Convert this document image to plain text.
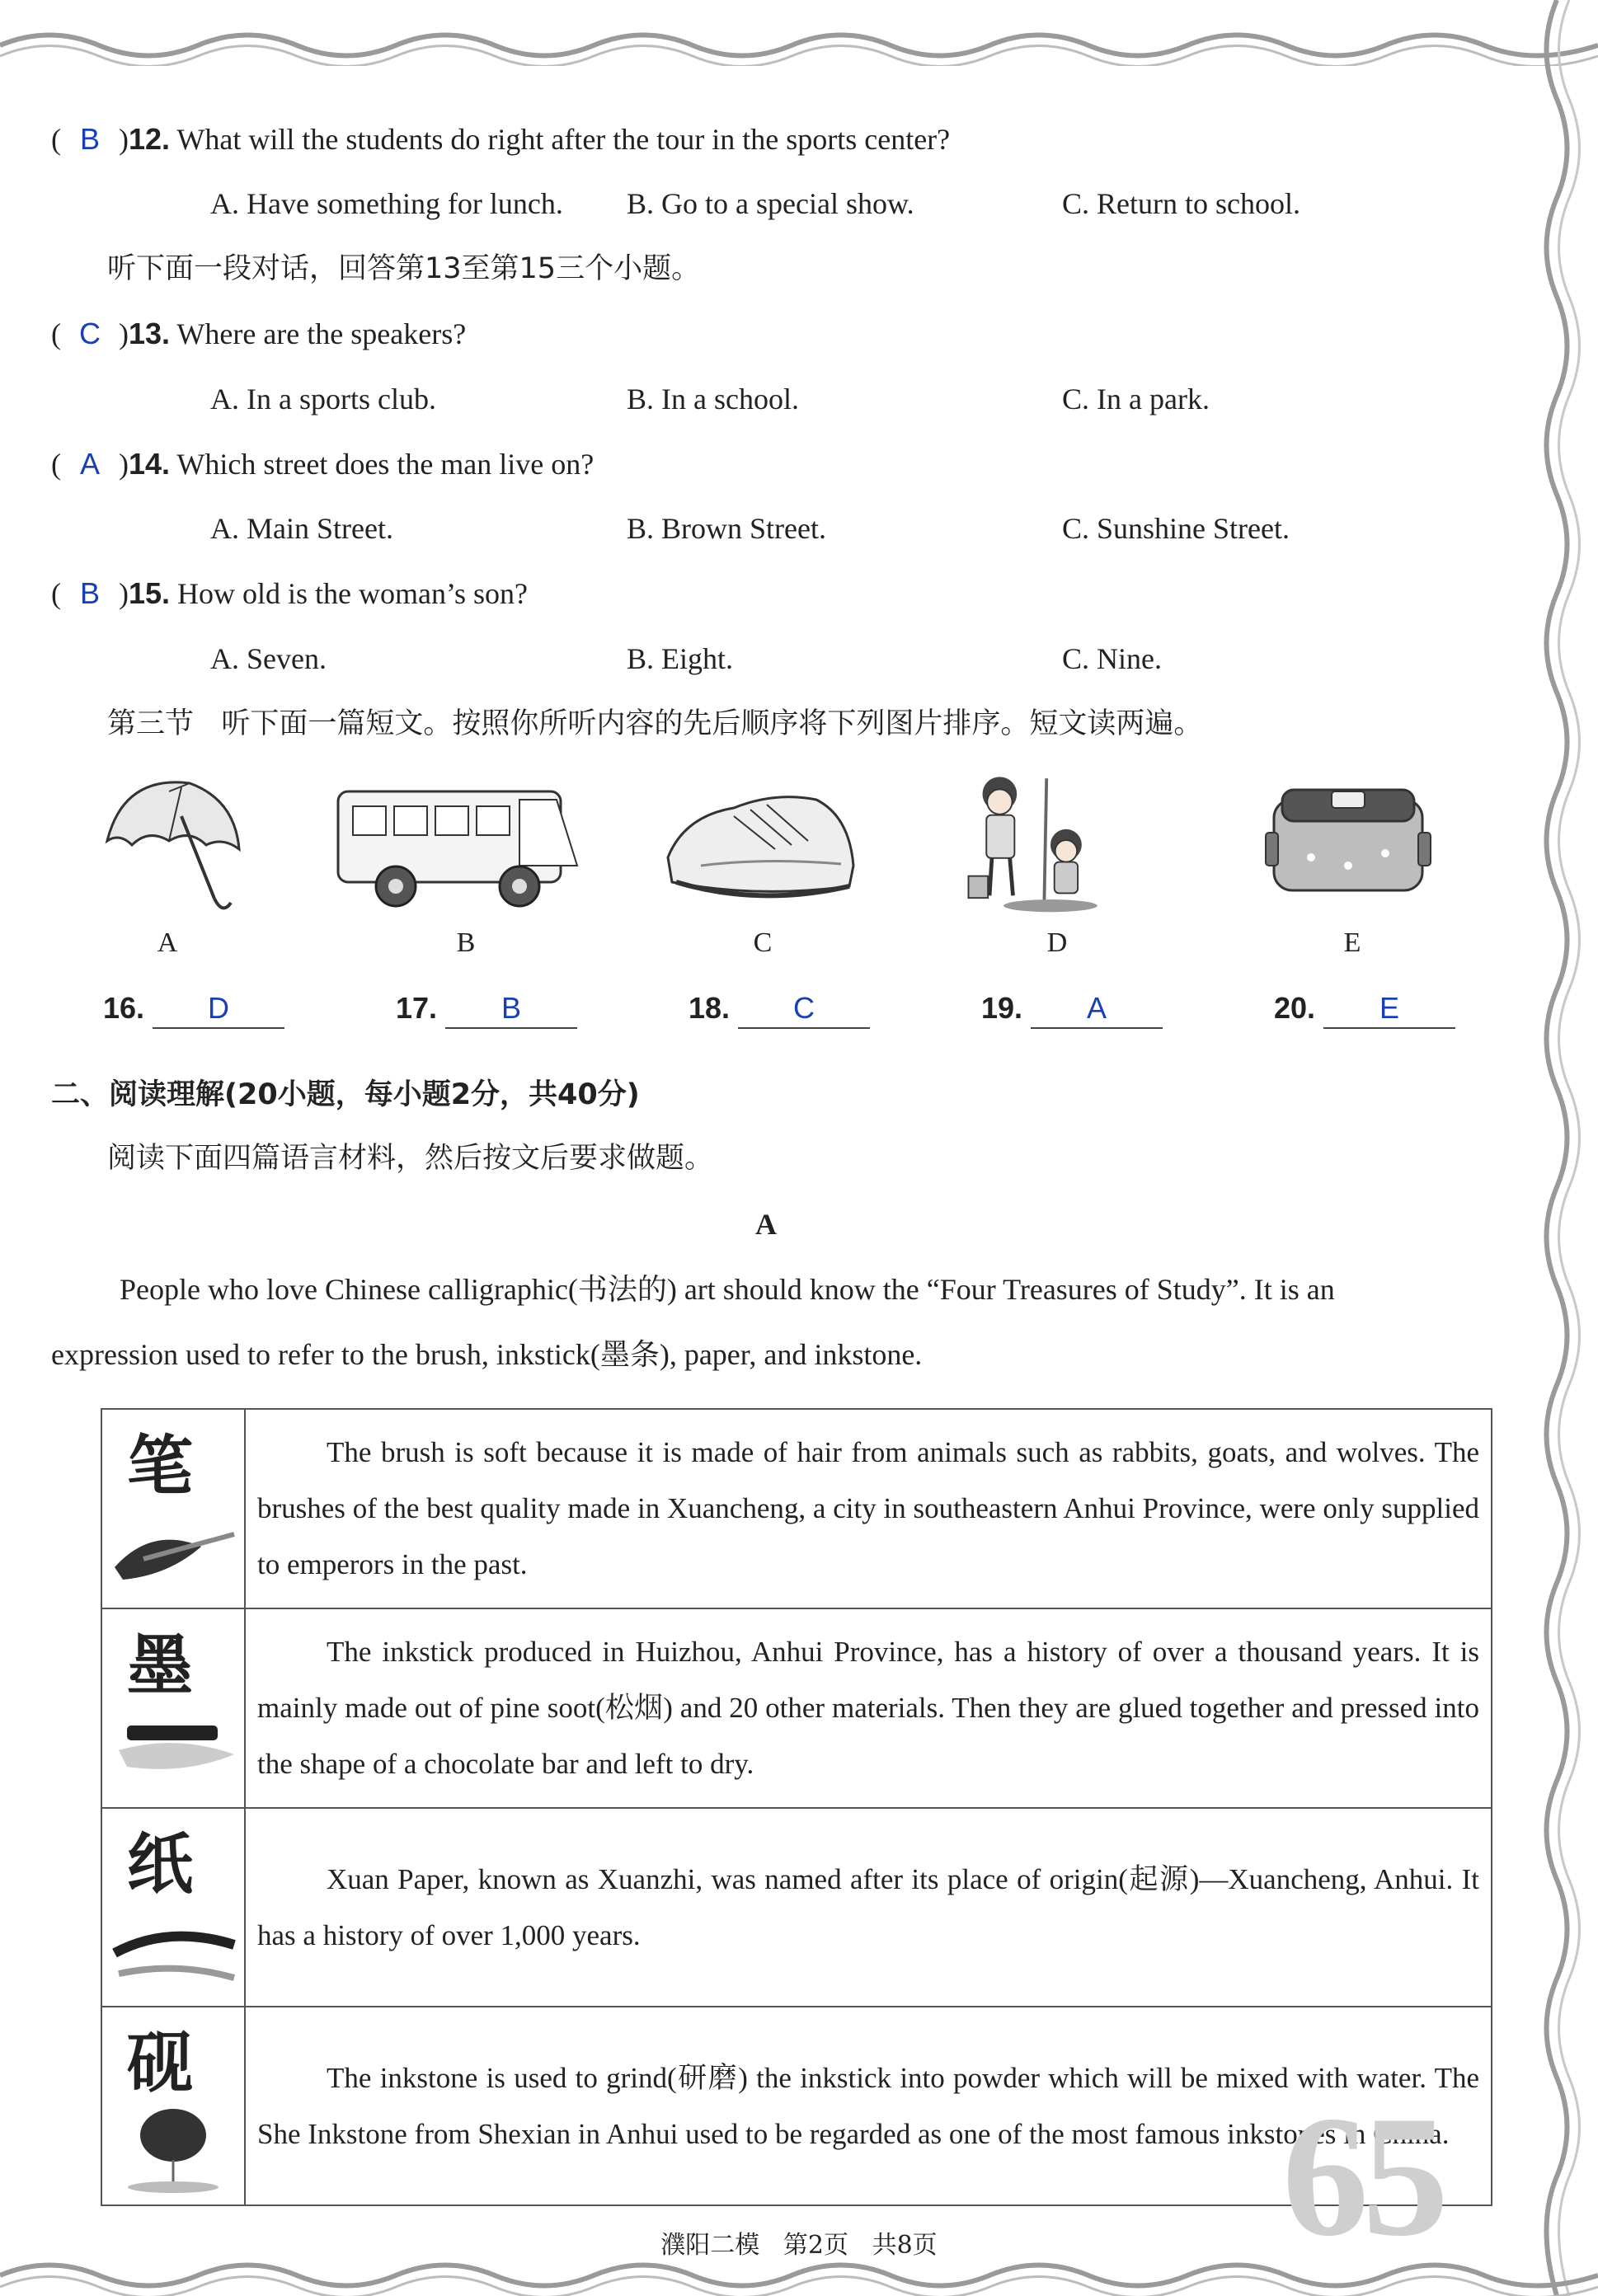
( B )12. What will the students do right after the tour in the sports center?
A. Have something for lunch. B. Go to a special show.	C. Return to school.
听下面一段对话，回答第13至第15三个小题。
( C )13. Where are the speakers?
A. In a sports club.	B. In a school.	C. In a park.
( A )14. Which street does the man live on?
A. Main Street.	B. Brown Street.	C. Sunshine Street.
( B )15. How old is the woman’s son?
A. Seven.	B. Eight.	C. Nine.
第三节   听下面一篇短文。按照你所听内容的先后顺序将下列图片排序。短文读两遍。
A	B	C	D	E
16. D	17. B	18. C	19. A	20. E
二、阅读理解(20小题，每小题2分，共40分)
阅读下面四篇语言材料，然后按文后要求做题。
A
People who love Chinese calligraphic(书法的) art should know the “Four Treasures of Study”. It is an
expression used to refer to the brush, inkstick(墨条), paper, and inkstone.
笔	The brush is soft because it is made of hair from animals such as rabbits, goats, and wolves. The brushes of the best quality made in Xuancheng, a city in southeastern Anhui Province, were only supplied to emperors in the past.

墨	The inkstick produced in Huizhou, Anhui Province, has a history of over a thousand years. It is mainly made out of pine soot(松烟) and 20 other materials. Then they are glued together and pressed into the shape of a chocolate bar and left to dry.

纸	Xuan Paper, known as Xuanzhi, was named after its place of origin(起源)—Xuancheng, Anhui. It has a history of over 1,000 years.

砚	The inkstone is used to grind(研磨) the inkstick into powder which will be mixed with water. The She Inkstone from Shexian in Anhui used to be regarded as one of the most famous inkstones in China.
65
濮阳二模   第2页   共8页
